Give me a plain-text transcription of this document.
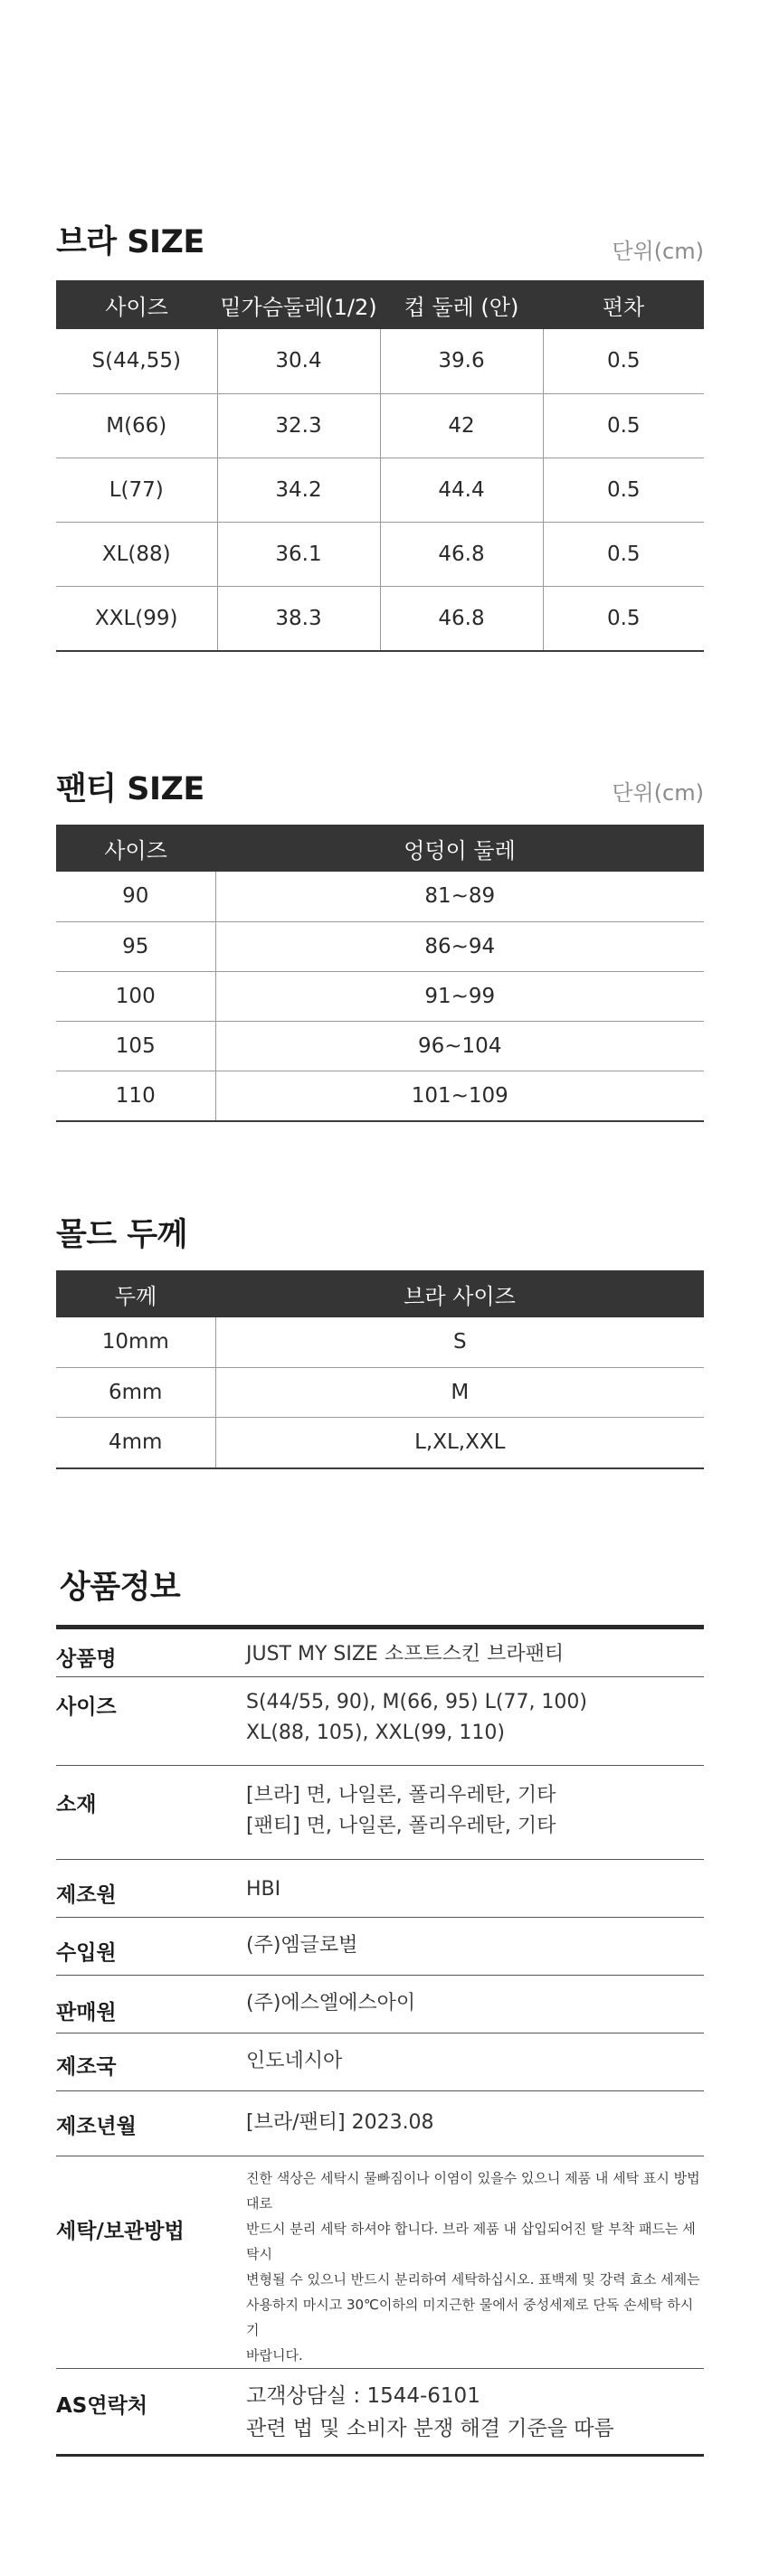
브라 SIZE	단위(cm)
사이즈	밑가슴둘레(1/2)	컵 둘레 (안)	편차
S(44,55)	30.4	39.6	0.5
M(66)	32.3	42	0.5
L(77)	34.2	44.4	0.5
XL(88)	36.1	46.8	0.5
XXL(99)	38.3	46.8	0.5
팬티 SIZE	단위(cm)
사이즈	엉덩이 둘레
90	81~89
95	86~94
100	91~99
105	96~104
110	101~109
몰드 두께
두께	브라 사이즈
10mm	S
6mm	M
4mm	L,XL,XXL
상품정보
상품명	JUST MY SIZE 소프트스킨 브라팬티

사이즈	S(44/55, 90), M(66, 95) L(77, 100)
XL(88, 105), XXL(99, 110)

소재	[브라] 면, 나일론, 폴리우레탄, 기타
[팬티] 면, 나일론, 폴리우레탄, 기타

제조원	HBI

수입원	(주)엠글로벌

판매원	(주)에스엘에스아이

제조국	인도네시아

제조년월	[브라/팬티] 2023.08

세탁/보관방법	진한 색상은 세탁시 물빠짐이나 이염이 있을수 있으니 제품 내 세탁 표시 방법대로
반드시 분리 세탁 하셔야 합니다. 브라 제품 내 삽입되어진 탈 부착 패드는 세탁시
변형될 수 있으니 반드시 분리하여 세탁하십시오. 표백제 및 강력 효소 세제는
사용하지 마시고 30℃이하의 미지근한 물에서 중성세제로 단독 손세탁 하시기
바랍니다.

AS연락처	고객상담실 : 1544-6101
관련 법 및 소비자 분쟁 해결 기준을 따름
